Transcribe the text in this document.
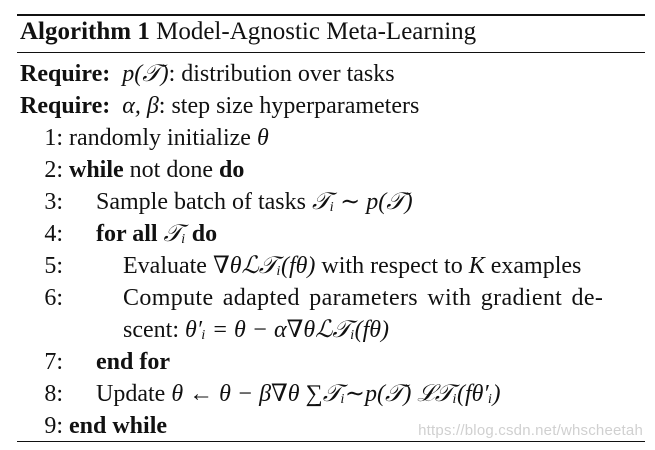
Algorithm 1 Model-Agnostic Meta-Learning
Require: p(𝒯): distribution over tasks
Require: α, β: step size hyperparameters
1: randomly initialize θ
2: while not done do
3: Sample batch of tasks 𝒯ᵢ ∼ p(𝒯)
4: for all 𝒯ᵢ do
5:	Evaluate ∇θℒ𝒯ᵢ(fθ) with respect to K examples
6:	Compute adapted parameters with gradient de-
scent: θ′ᵢ = θ − α∇θℒ𝒯ᵢ(fθ)
7: end for
8: Update θ ← θ − β∇θ ∑𝒯ᵢ∼p(𝒯) ℒ𝒯ᵢ(fθ′ᵢ)
9: end while	https://blog.csdn.net/whscheetah
